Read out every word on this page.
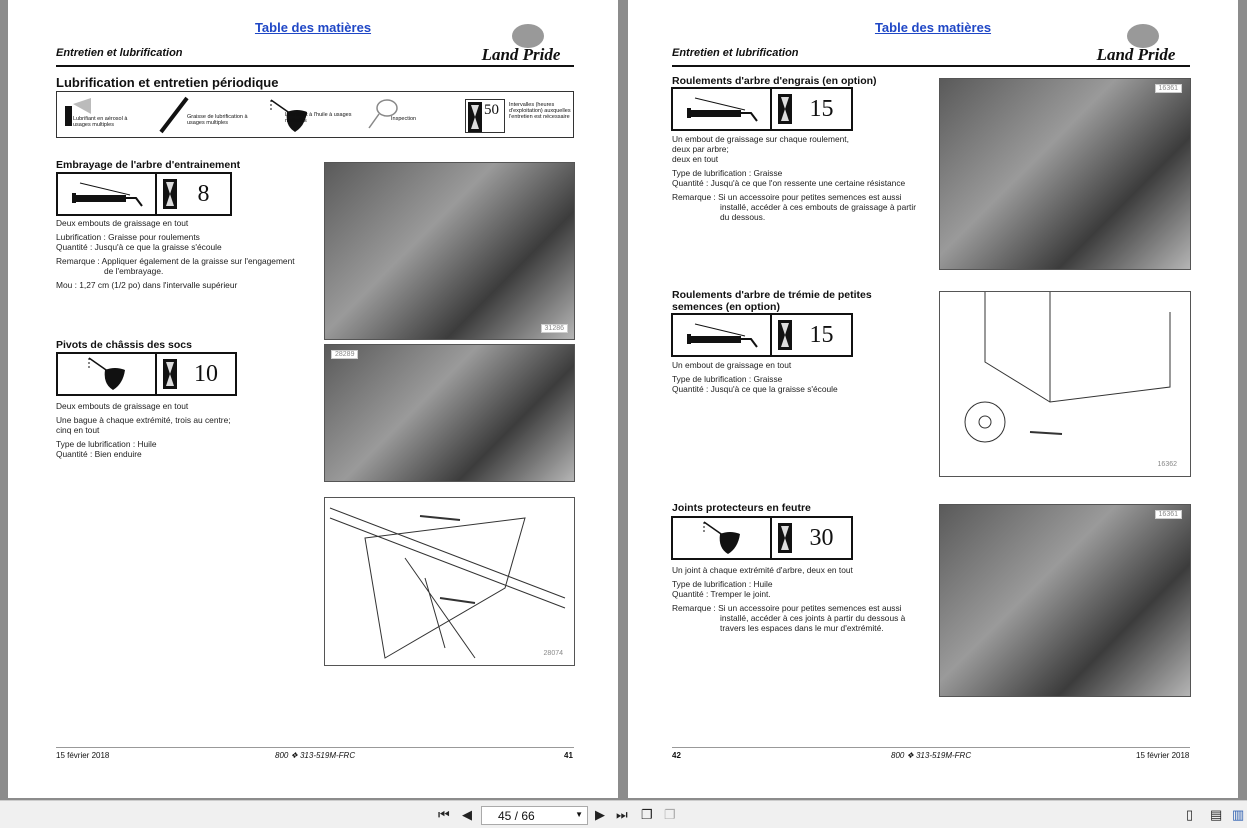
Table des matières
Entretien et lubrification	Land Pride
Lubrification et entretien périodique
Lubrifiant en aérosol à usages multiples
Graisse de lubrification à usages multiples
Lubrifiant à l'huile à usages multiples	Inspection
50 Intervalles (heures d'exploitation) auxquelles l'entretien est nécessaire
Embrayage de l'arbre d'entrainement
8

Deux embouts de graissage en tout

Lubrification : Graisse pour roulements

Quantité : Jusqu'à ce que la graisse s'écoule

Remarque : Appliquer également de la graisse sur l'engagement de l'embrayage.

Mou : 1,27 cm (1/2 po) dans l'intervalle supérieur

Pivots de châssis des socs
10

Deux embouts de graissage en tout

Une bague à chaque extrémité, trois au centre;

cinq en tout

Type de lubrification : Huile

Quantité : Bien enduire

31286
28289
28074
15 février 2018	800 ❖ 313-519M-FRC	41
Table des matières
Entretien et lubrification	Land Pride
Roulements d'arbre d'engrais (en option)
15
Un embout de graissage sur chaque roulement,
deux par arbre;

deux en tout

Type de lubrification : Graisse

Quantité : Jusqu'à ce que l'on ressente une certaine résistance

Remarque : Si un accessoire pour petites semences est aussi installé, accéder à ces embouts de graissage à partir du dessous.

Roulements d'arbre de trémie de petites semences (en option)
15

Un embout de graissage en tout

Type de lubrification : Graisse
Quantité : Jusqu'à ce que la graisse s'écoule
Joints protecteurs en feutre
30

Un joint à chaque extrémité d'arbre, deux en tout

Type de lubrification : Huile

Quantité : Tremper le joint.

Remarque : Si un accessoire pour petites semences est aussi installé, accéder à ces joints à partir du dessous à travers les espaces dans le mur d'extrémité.

16361
16362
16361
42	800 ❖ 313-519M-FRC	15 février 2018
⏮ ◀	45 / 66	▼ ▶ ⏭ ❐ ❐	▯ ▤ ▥
